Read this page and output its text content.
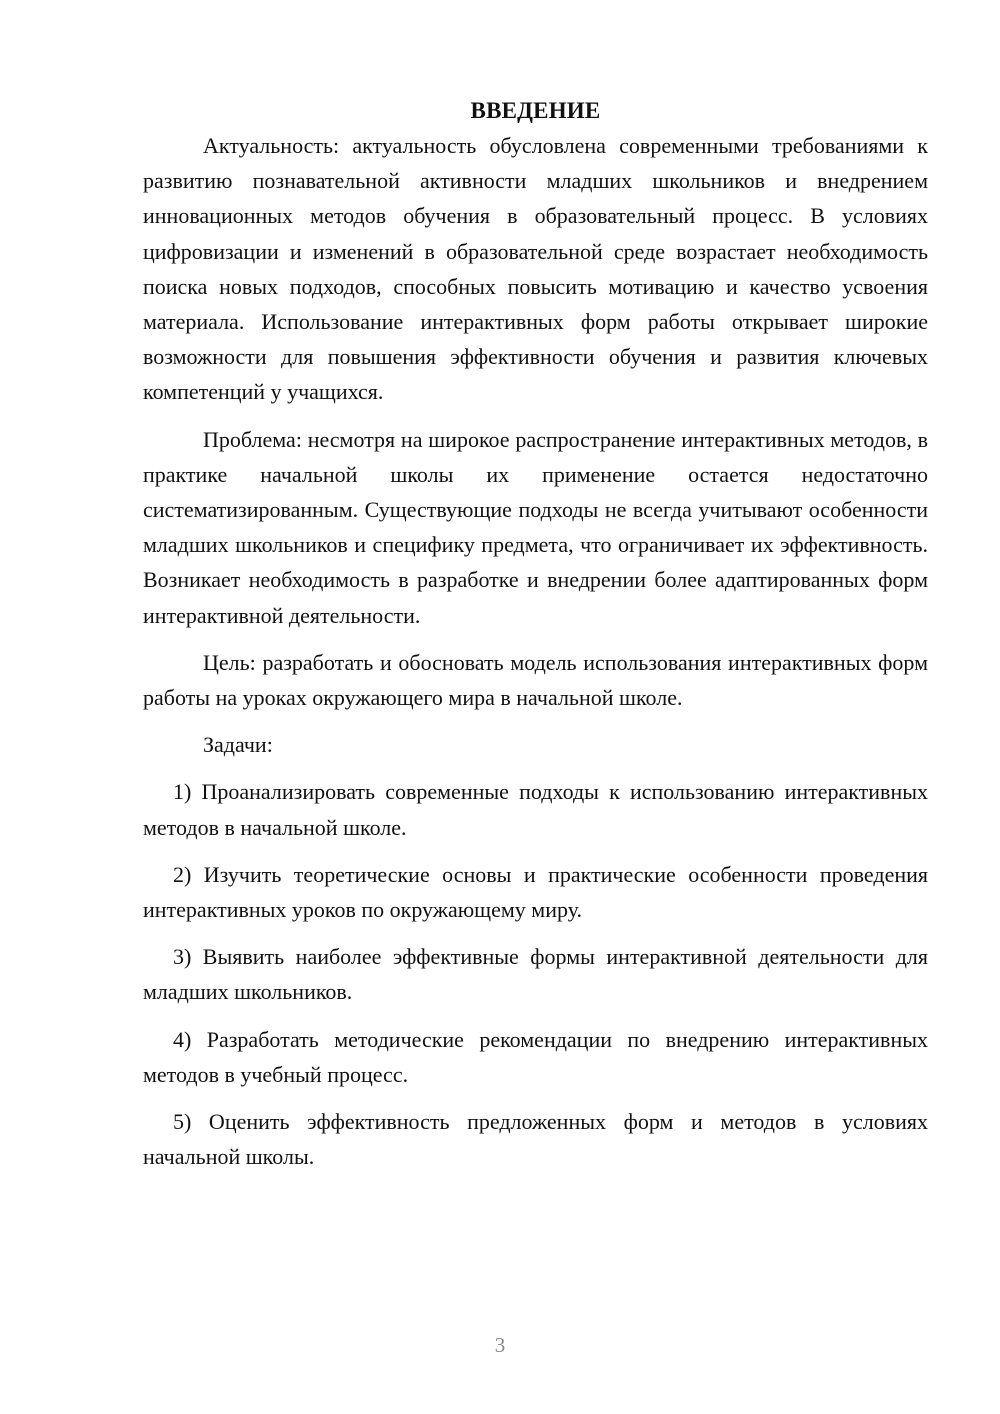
ВВЕДЕНИЕ

Актуальность: актуальность обусловлена современными требованиями к развитию познавательной активности младших школьников и внедрением инновационных методов обучения в образовательный процесс. В условиях цифровизации и изменений в образовательной среде возрастает необходимость поиска новых подходов, способных повысить мотивацию и качество усвоения материала. Использование интерактивных форм работы открывает широкие возможности для повышения эффективности обучения и развития ключевых компетенций у учащихся.

Проблема: несмотря на широкое распространение интерактивных методов, в практике начальной школы их применение остается недостаточно систематизированным. Существующие подходы не всегда учитывают особенности младших школьников и специфику предмета, что ограничивает их эффективность. Возникает необходимость в разработке и внедрении более адаптированных форм интерактивной деятельности.

Цель: разработать и обосновать модель использования интерактивных форм работы на уроках окружающего мира в начальной школе.

Задачи:

1) Проанализировать современные подходы к использованию интерактивных методов в начальной школе.

2) Изучить теоретические основы и практические особенности проведения интерактивных уроков по окружающему миру.

3) Выявить наиболее эффективные формы интерактивной деятельности для младших школьников.

4) Разработать методические рекомендации по внедрению интерактивных методов в учебный процесс.

5) Оценить эффективность предложенных форм и методов в условиях начальной школы.

3
